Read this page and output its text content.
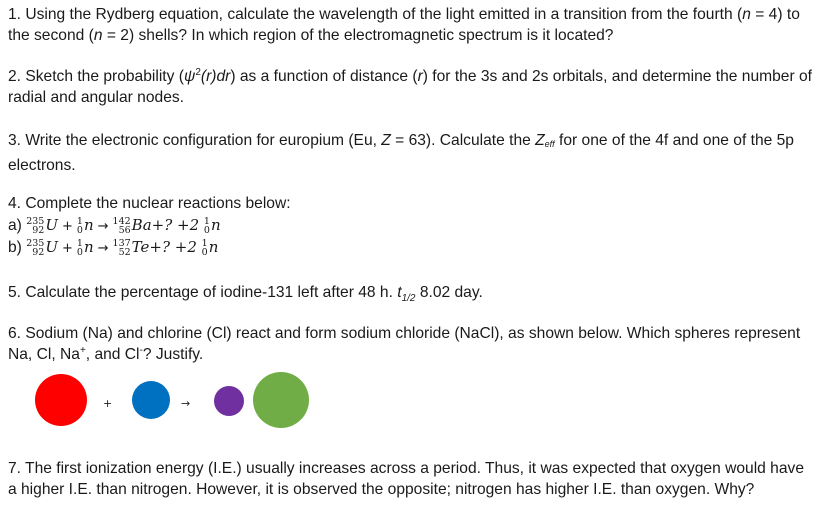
1. Using the Rydberg equation, calculate the wavelength of the light emitted in a transition from the fourth (n = 4) to the second (n = 2) shells? In which region of the electromagnetic spectrum is it located?

2. Sketch the probability $(\psi^2(r)dr)$ as a function of distance (r) for the 3s and 2s orbitals, and determine the number of radial and angular nodes.

3. Write the electronic configuration for europium (Eu, Z = 63). Calculate the Zeff for one of the 4f and one of the 5p electrons.

4. Complete the nuclear reactions below:
a) 235
92 U + 1
0 n → 142
56 Ba+? +2 1
0 n
b) 235
92 U + 1
0 n → 137
52 Te+? +2 1
0 n

5. Calculate the percentage of iodine-131 left after 48 h. $t_{1/2}$ 8.02 day.

6. Sodium (Na) and chlorine (Cl) react and form sodium chloride (NaCl), as shown below. Which spheres represent Na, Cl, Na+, and Cl-? Justify.

+	→

7. The first ionization energy (I.E.) usually increases across a period. Thus, it was expected that oxygen would have a higher I.E. than nitrogen. However, it is observed the opposite; nitrogen has higher I.E. than oxygen. Why?
